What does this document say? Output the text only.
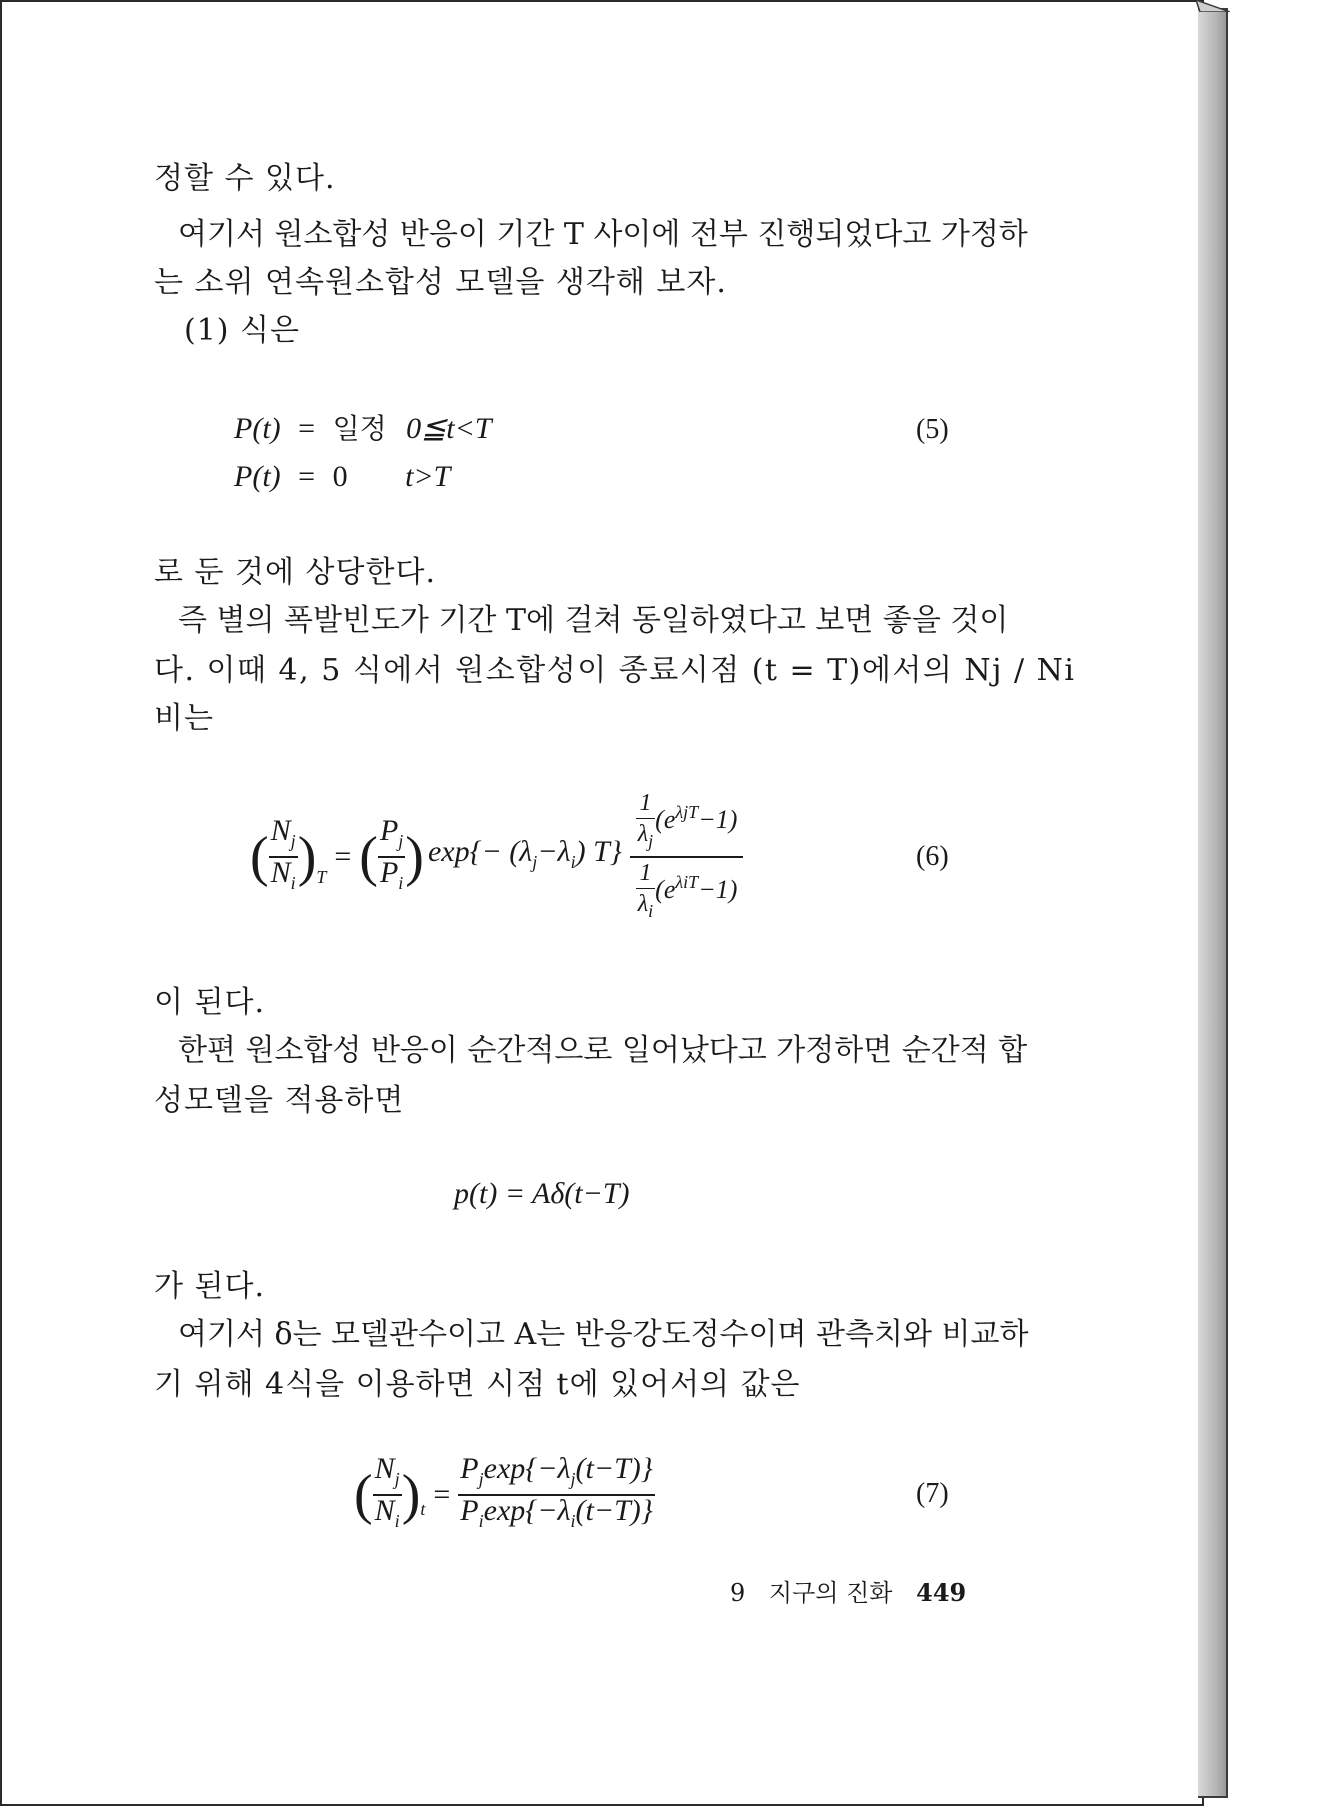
정할 수 있다.
여기서 원소합성 반응이 기간 T 사이에 전부 진행되었다고 가정하
는 소위 연속원소합성 모델을 생각해 보자.
(1) 식은
P(t) = 일정 0≦t<T
P(t) = 0 t>T
(5)
로 둔 것에 상당한다.
즉 별의 폭발빈도가 기간 T에 걸쳐 동일하였다고 보면 좋을 것이
다. 이때 4, 5 식에서 원소합성이 종료시점 (t = T)에서의 Nj / Ni
비는
( $\frac{N_j}{N_i} )_T$
= ( $\frac{P_j}{P_i}$ ) $\exp\{- (\lambda_j-\lambda_i)$ $T\} \frac{\frac{1}{\lambda_j} (e^{\lambda jT}-1)}{\frac{1}{\lambda_i} (e^{\lambda iT}-1)}$	(6)
이 된다.
한편 원소합성 반응이 순간적으로 일어났다고 가정하면 순간적 합
성모델을 적용하면
p(t) = Aδ(t−T)
가 된다.
여기서 δ는 모델관수이고 A는 반응강도정수이며 관측치와 비교하
기 위해 4식을 이용하면 시점 t에 있어서의 값은
( $\frac{N_j}{N_i} )_t = \frac{P_j\exp\{-\lambda_j(t-T)\}}{P_i\exp\{-\lambda_i(t-T)\}}$	(7)
9 지구의 진화 449
